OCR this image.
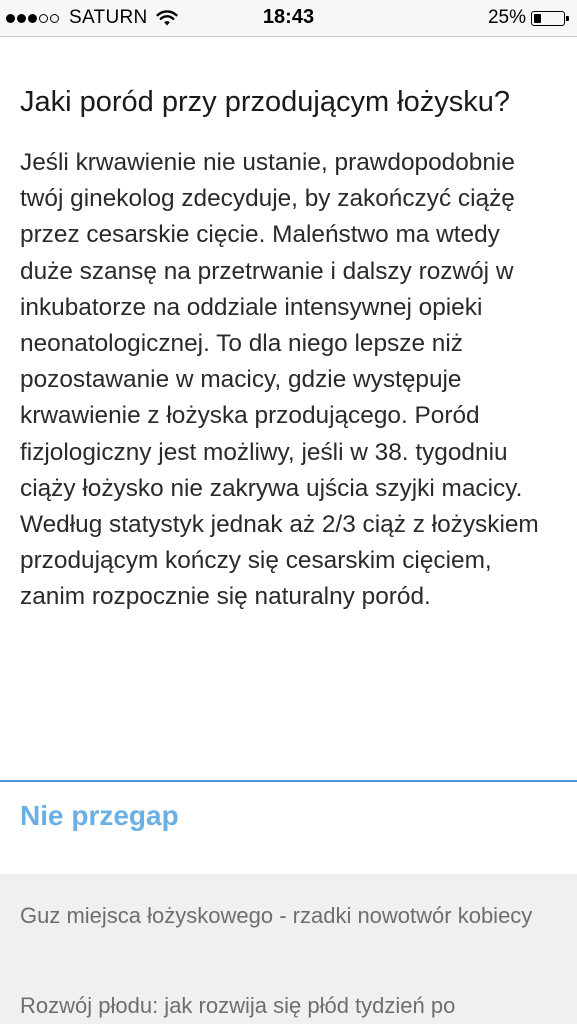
SATURN	18:43	25%
Jaki poród przy przodującym łożysku?

Jeśli krwawienie nie ustanie, prawdopodobnie twój ginekolog zdecyduje, by zakończyć ciążę przez cesarskie cięcie. Maleństwo ma wtedy duże szansę na przetrwanie i dalszy rozwój w inkubatorze na oddziale intensywnej opieki neonatologicznej. To dla niego lepsze niż pozostawanie w macicy, gdzie występuje krwawienie z łożyska przodującego. Poród fizjologiczny jest możliwy, jeśli w 38. tygodniu ciąży łożysko nie zakrywa ujścia szyjki macicy. Według statystyk jednak aż 2/3 ciąż z łożyskiem przodującym kończy się cesarskim cięciem, zanim rozpocznie się naturalny poród.

Nie przegap
Guz miejsca łożyskowego - rzadki nowotwór kobiecy
Rozwój płodu: jak rozwija się płód tydzień po
